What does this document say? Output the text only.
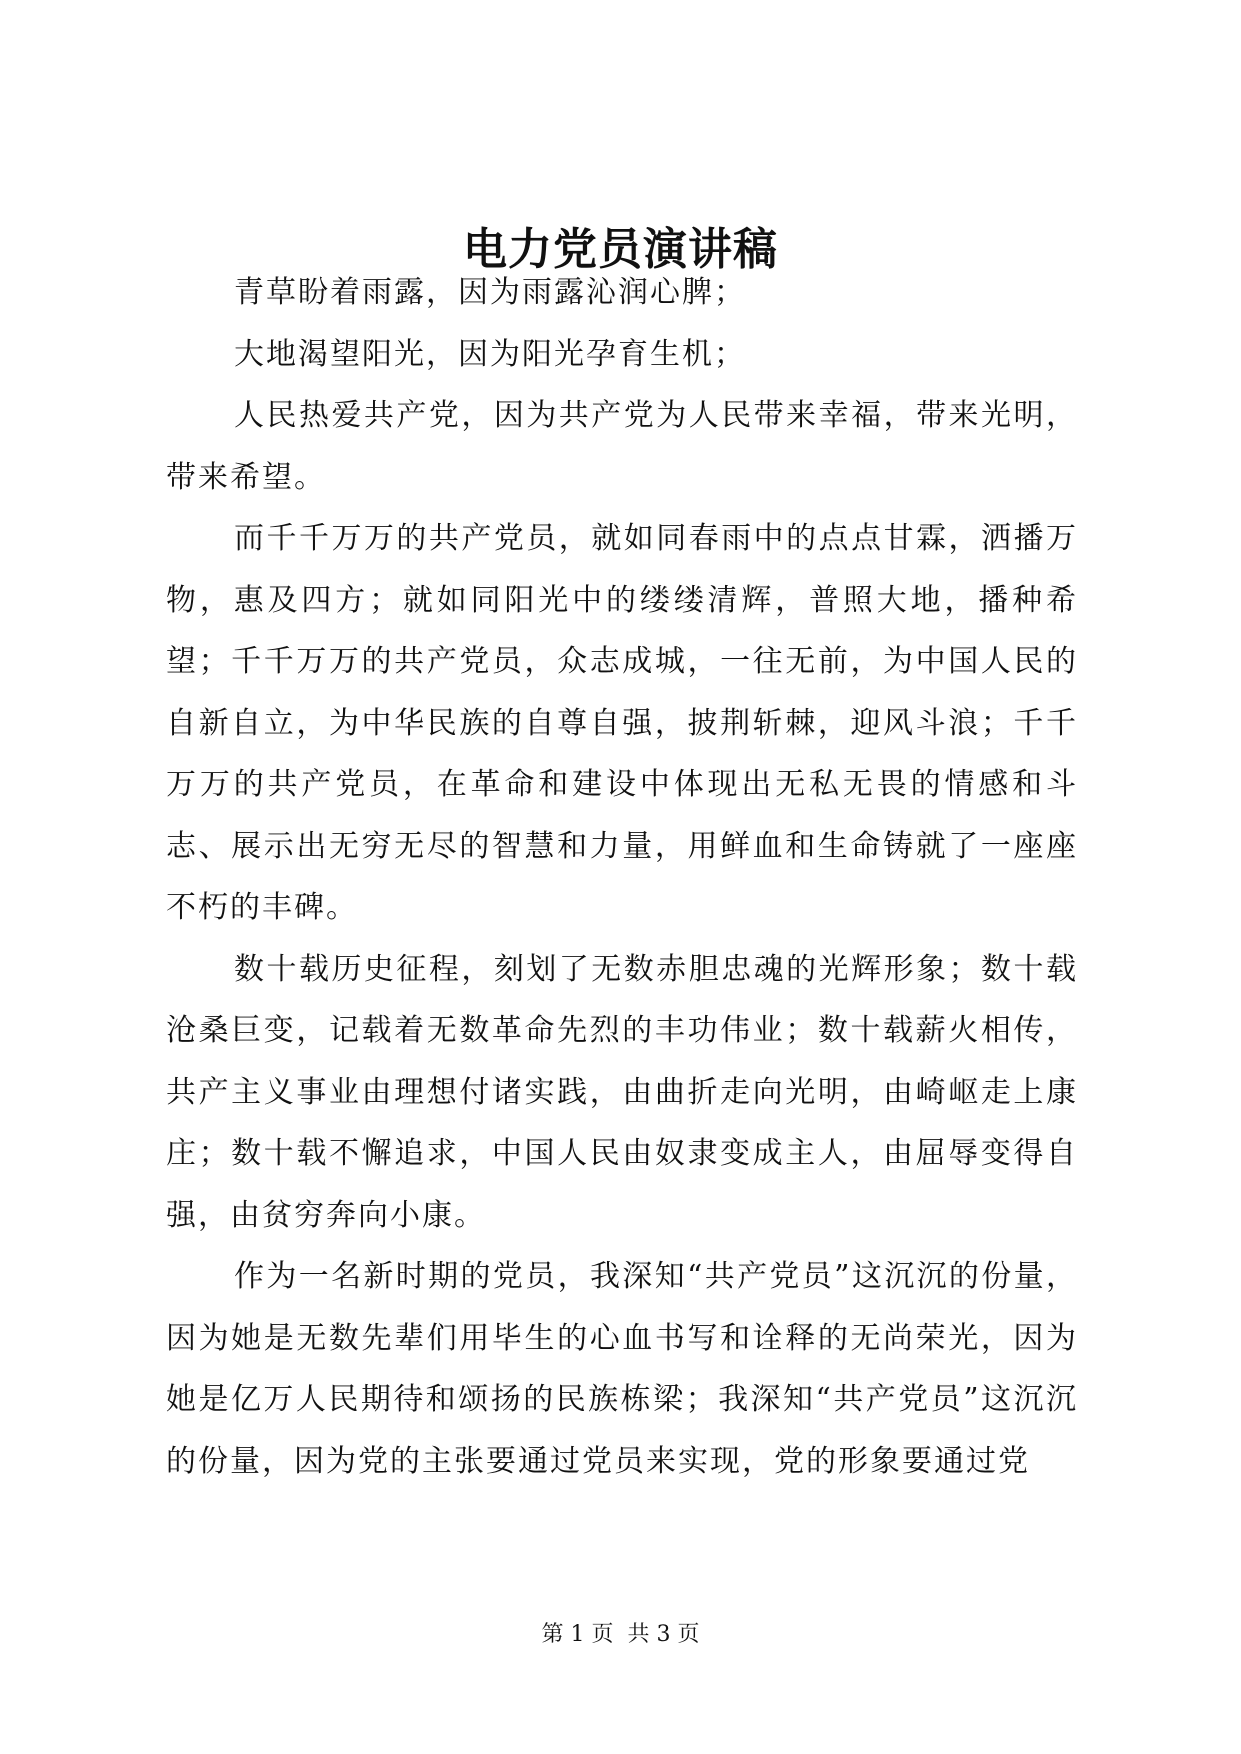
电力党员演讲稿

青草盼着雨露，因为雨露沁润心脾；

大地渴望阳光，因为阳光孕育生机；

人民热爱共产党，因为共产党为人民带来幸福，带来光明，带来希望。

而千千万万的共产党员，就如同春雨中的点点甘霖，洒播万物，惠及四方；就如同阳光中的缕缕清辉，普照大地，播种希望；千千万万的共产党员，众志成城，一往无前，为中国人民的自新自立，为中华民族的自尊自强，披荆斩棘，迎风斗浪；千千万万的共产党员，在革命和建设中体现出无私无畏的情感和斗志、展示出无穷无尽的智慧和力量，用鲜血和生命铸就了一座座不朽的丰碑。

数十载历史征程，刻划了无数赤胆忠魂的光辉形象；数十载沧桑巨变，记载着无数革命先烈的丰功伟业；数十载薪火相传，共产主义事业由理想付诸实践，由曲折走向光明，由崎岖走上康庄；数十载不懈追求，中国人民由奴隶变成主人，由屈辱变得自强，由贫穷奔向小康。

作为一名新时期的党员，我深知“共产党员”这沉沉的份量，因为她是无数先辈们用毕生的心血书写和诠释的无尚荣光，因为她是亿万人民期待和颂扬的民族栋梁；我深知“共产党员”这沉沉的份量，因为党的主张要通过党员来实现，党的形象要通过党

第 1 页  共 3 页
